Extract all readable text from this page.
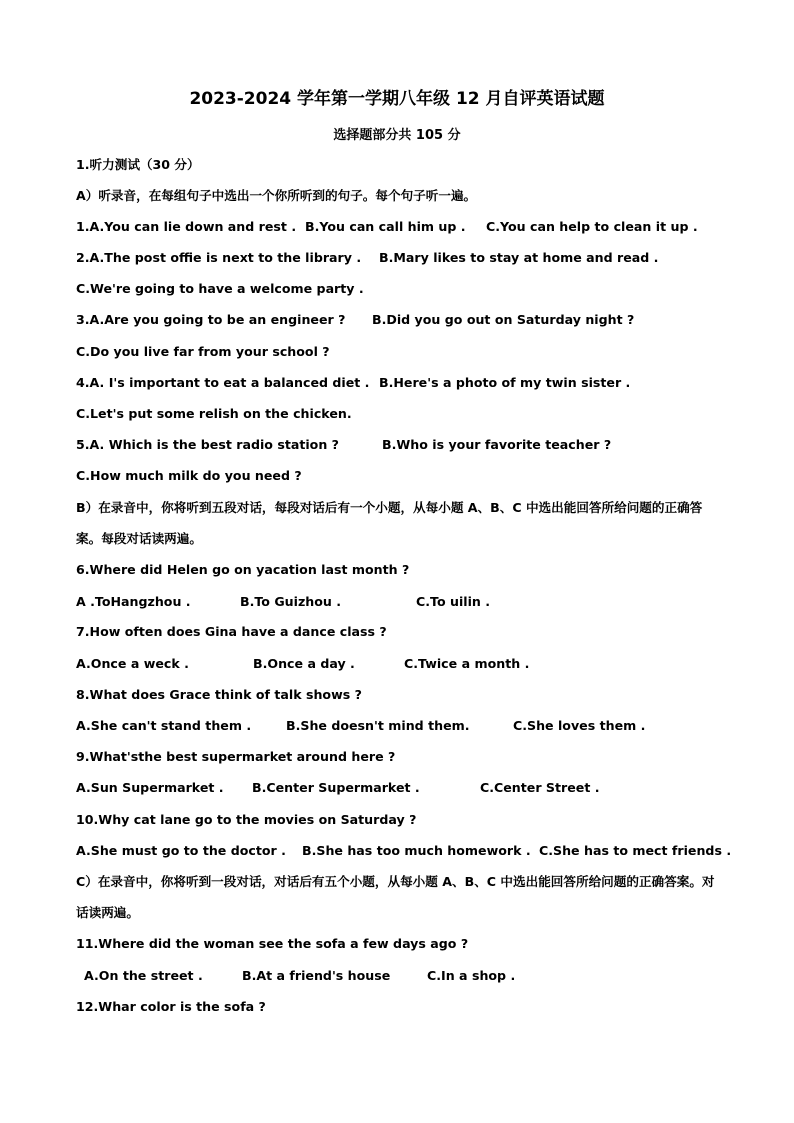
2023-2024 学年第一学期八年级 12 月自评英语试题
选择题部分共 105 分
1.听力测试（30 分）
A）听录音，在每组句子中选出一个你所听到的句子。每个句子听一遍。
1.A.You can lie down and rest . B.You can call him up . C.You can help to clean it up .
2.A.The post offie is next to the library . B.Mary likes to stay at home and read .
C.We're going to have a welcome party .
3.A.Are you going to be an engineer ? B.Did you go out on Saturday night ?
C.Do you live far from your school ?
4.A. I's important to eat a balanced diet . B.Here's a photo of my twin sister .
C.Let's put some relish on the chicken.
5.A. Which is the best radio station ?	B.Who is your favorite teacher ?
C.How much milk do you need ?
B）在录音中，你将听到五段对话，每段对话后有一个小题，从每小题 A、B、C 中选出能回答所给问题的正确答案。每段对话读两遍。
6.Where did Helen go on yacation last month ?
A .ToHangzhou .	B.To Guizhou .	C.To uilin .
7.How often does Gina have a dance class ?
A.Once a weck .	B.Once a day .	C.Twice a month .
8.What does Grace think of talk shows ?
A.She can't stand them .	B.She doesn't mind them.	C.She loves them .
9.What'sthe best supermarket around here ?
A.Sun Supermarket . B.Center Supermarket .	C.Center Street .
10.Why cat lane go to the movies on Saturday ?
A.She must go to the doctor . B.She has too much homework . C.She has to mect friends .
C）在录音中，你将听到一段对话，对话后有五个小题，从每小题 A、B、C 中选出能回答所给问题的正确答案。对话读两遍。
11.Where did the woman see the sofa a few days ago ?
A.On the street .	B.At a friend's house	C.In a shop .
12.Whar color is the sofa ?
